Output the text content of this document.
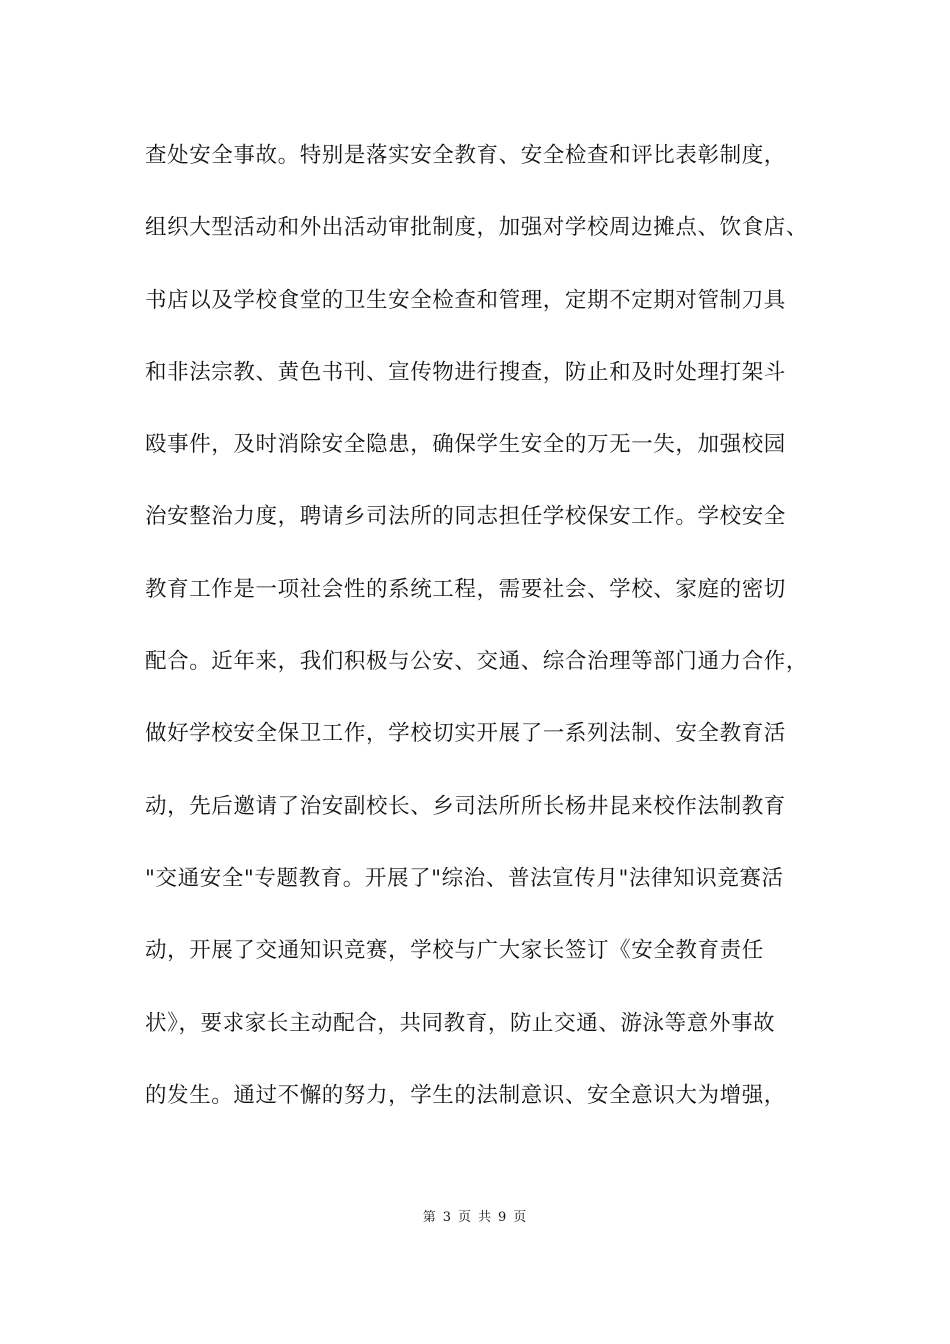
查处安全事故。特别是落实安全教育、安全检查和评比表彰制度，
组织大型活动和外出活动审批制度，加强对学校周边摊点、饮食店、
书店以及学校食堂的卫生安全检查和管理，定期不定期对管制刀具
和非法宗教、黄色书刊、宣传物进行搜查，防止和及时处理打架斗
殴事件，及时消除安全隐患，确保学生安全的万无一失，加强校园
治安整治力度，聘请乡司法所的同志担任学校保安工作。学校安全
教育工作是一项社会性的系统工程，需要社会、学校、家庭的密切
配合。近年来，我们积极与公安、交通、综合治理等部门通力合作，
做好学校安全保卫工作，学校切实开展了一系列法制、安全教育活
动，先后邀请了治安副校长、乡司法所所长杨井昆来校作法制教育
"交通安全"专题教育。开展了"综治、普法宣传月"法律知识竞赛活
动，开展了交通知识竞赛，学校与广大家长签订《安全教育责任
状》，要求家长主动配合，共同教育，防止交通、游泳等意外事故
的发生。通过不懈的努力，学生的法制意识、安全意识大为增强，
第 3 页 共 9 页
